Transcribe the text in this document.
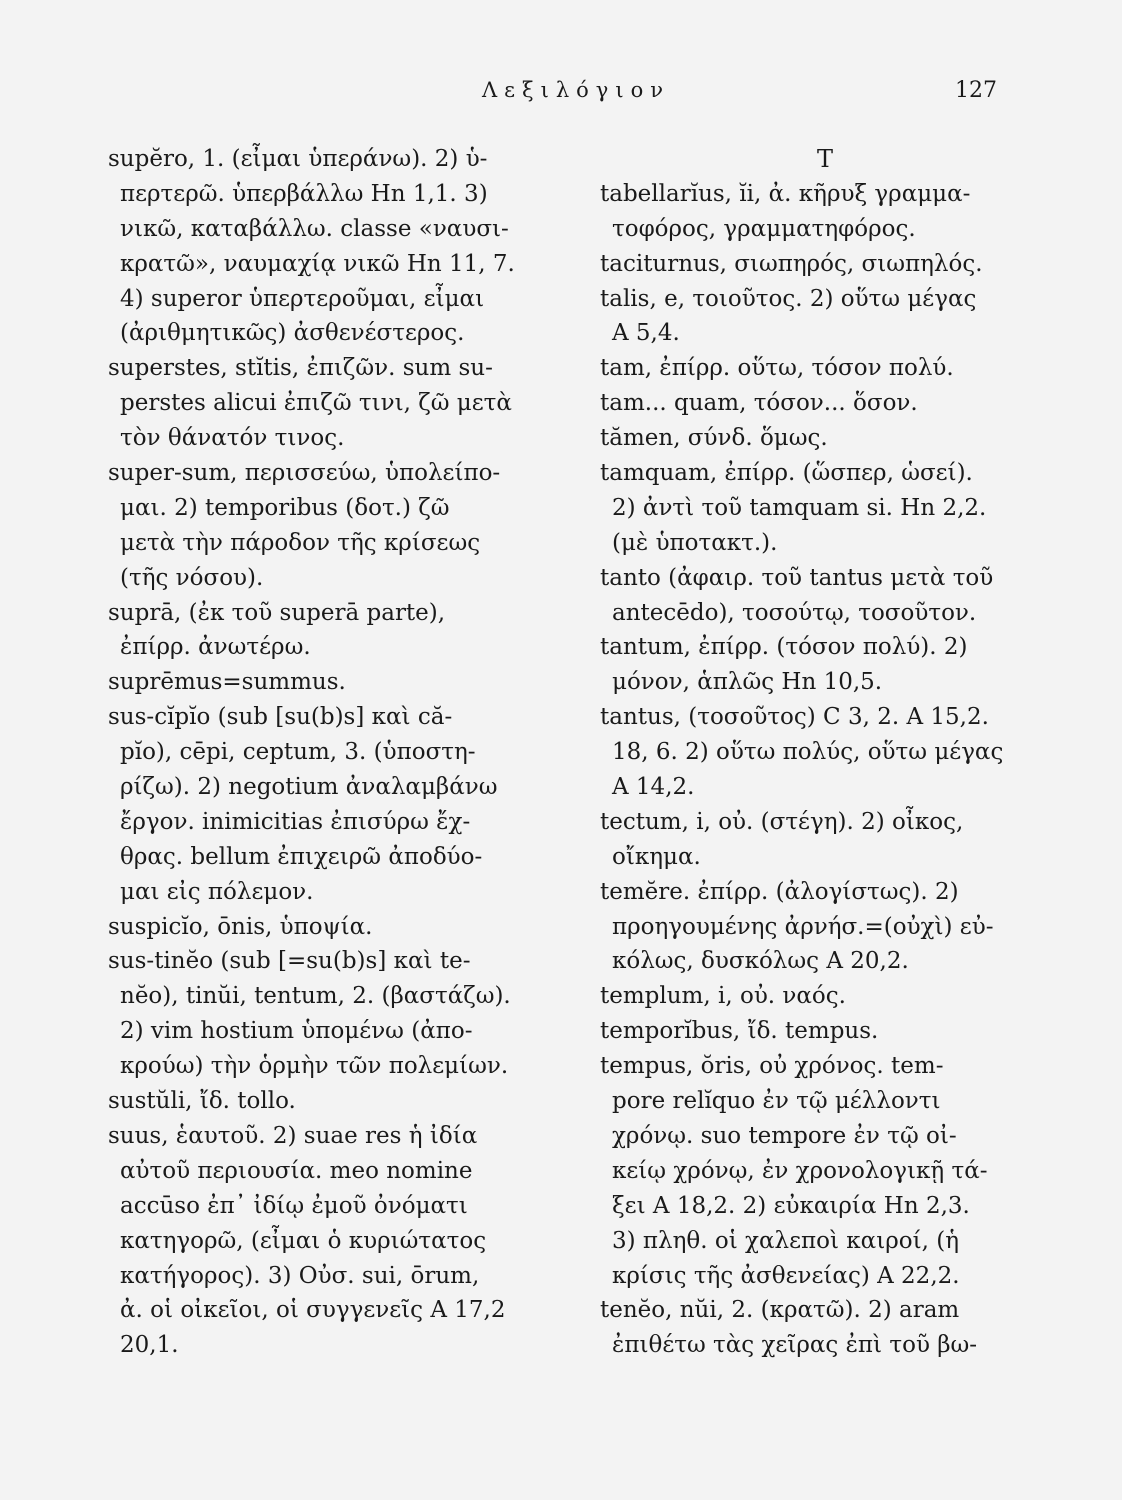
Λεξιλόγιον	127
supĕro, 1. (εἶμαι ὑπεράνω). 2) ὑ-
περτερῶ. ὑπερβάλλω Hn 1,1. 3)
νικῶ, καταβάλλω. classe «ναυσι-
κρατῶ», ναυμαχίᾳ νικῶ Hn 11, 7.
4) superor ὑπερτεροῦμαι, εἶμαι
(ἀριθμητικῶς) ἀσθενέστερος.
superstes, stĭtis, ἐπιζῶν. sum su-
perstes alicui ἐπιζῶ τινι, ζῶ μετὰ
τὸν θάνατόν τινος.
super-sum, περισσεύω, ὑπολείπο-
μαι. 2) temporibus (δοτ.) ζῶ
μετὰ τὴν πάροδον τῆς κρίσεως
(τῆς νόσου).
suprā, (ἐκ τοῦ superā parte),
ἐπίρρ. ἀνωτέρω.
suprēmus=summus.
sus-cĭpĭo (sub [su(b)s] καὶ că-
pĭo), cēpi, ceptum, 3. (ὑποστη-
ρίζω). 2) negotium ἀναλαμβάνω
ἔργον. inimicitias ἐπισύρω ἔχ-
θρας. bellum ἐπιχειρῶ ἀποδύο-
μαι εἰς πόλεμον.
suspicĭo, ōnis, ὑποψία.
sus-tinĕo (sub [=su(b)s] καὶ te-
nĕo), tinŭi, tentum, 2. (βαστάζω).
2) vim hostium ὑπομένω (ἀπο-
κρούω) τὴν ὁρμὴν τῶν πολεμίων.
sustŭli, ἴδ. tollo.
suus, ἑαυτοῦ. 2) suae res ἡ ἰδία
αὐτοῦ περιουσία. meo nomine
accūso ἐπ᾽ ἰδίῳ ἐμοῦ ὀνόματι
κατηγορῶ, (εἶμαι ὁ κυριώτατος
κατήγορος). 3) Οὐσ. sui, ōrum,
ἀ. οἱ οἰκεῖοι, οἱ συγγενεῖς A 17,2
20,1.
T
tabellarĭus, ĭi, ἀ. κῆρυξ γραμμα-
τοφόρος, γραμματηφόρος.
taciturnus, σιωπηρός, σιωπηλός.
talis, e, τοιοῦτος. 2) οὕτω μέγας
A 5,4.
tam, ἐπίρρ. οὕτω, τόσον πολύ.
tam... quam, τόσον... ὅσον.
tămen, σύνδ. ὅμως.
tamquam, ἐπίρρ. (ὥσπερ, ὡσεί).
2) ἀντὶ τοῦ tamquam si. Hn 2,2.
(μὲ ὑποτακτ.).
tanto (ἀφαιρ. τοῦ tantus μετὰ τοῦ
antecēdo), τοσούτῳ, τοσοῦτον.
tantum, ἐπίρρ. (τόσον πολύ). 2)
μόνον, ἁπλῶς Hn 10,5.
tantus, (τοσοῦτος) C 3, 2. A 15,2.
18, 6. 2) οὕτω πολύς, οὕτω μέγας
A 14,2.
tectum, i, οὐ. (στέγη). 2) οἶκος,
οἴκημα.
temĕre. ἐπίρρ. (ἀλογίστως). 2)
προηγουμένης ἀρνήσ.=(οὐχὶ) εὐ-
κόλως, δυσκόλως A 20,2.
templum, i, οὐ. ναός.
temporĭbus, ἴδ. tempus.
tempus, ŏris, οὐ χρόνος. tem-
pore relĭquo ἐν τῷ μέλλοντι
χρόνῳ. suo tempore ἐν τῷ οἰ-
κείῳ χρόνῳ, ἐν χρονολογικῇ τά-
ξει A 18,2. 2) εὐκαιρία Hn 2,3.
3) πληθ. οἱ χαλεποὶ καιροί, (ἡ
κρίσις τῆς ἀσθενείας) A 22,2.
tenĕo, nŭi, 2. (κρατῶ). 2) aram
ἐπιθέτω τὰς χεῖρας ἐπὶ τοῦ βω-
